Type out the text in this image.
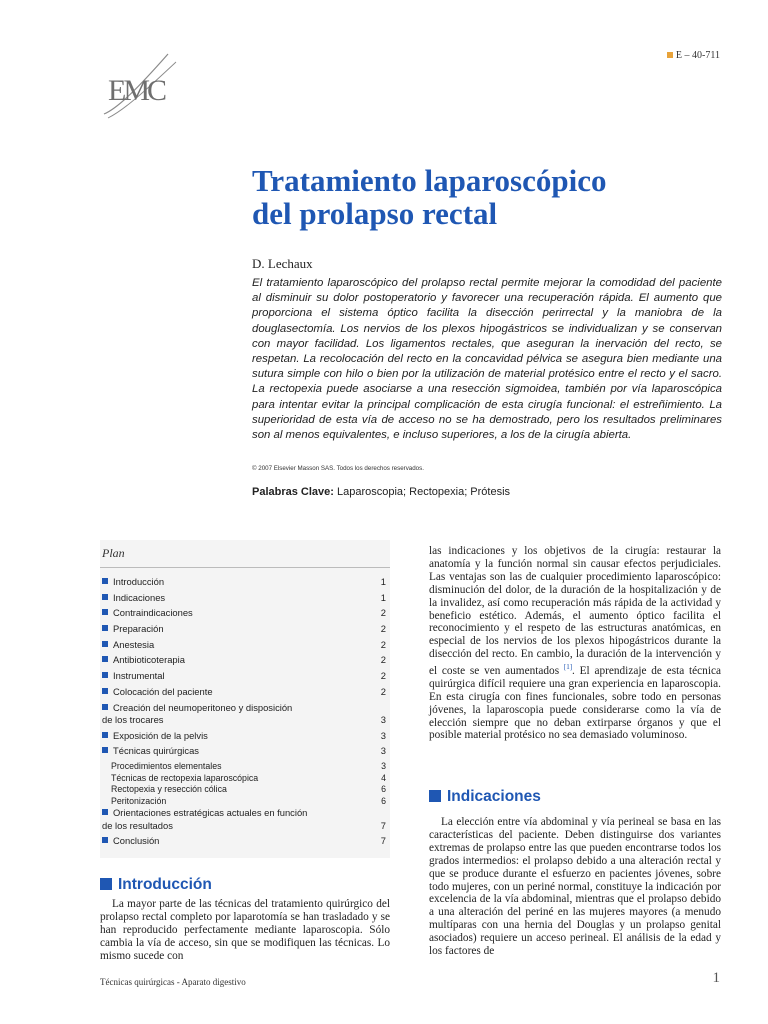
E – 40-711
EMC
Tratamiento laparoscópico
del prolapso rectal
D. Lechaux

El tratamiento laparoscópico del prolapso rectal permite mejorar la comodidad del paciente al disminuir su dolor postoperatorio y favorecer una recuperación rápida. El aumento que proporciona el sistema óptico facilita la disección perirrectal y la maniobra de la douglasectomía. Los nervios de los plexos hipogástricos se individualizan y se conservan con mayor facilidad. Los ligamentos rectales, que aseguran la inervación del recto, se respetan. La recolocación del recto en la concavidad pélvica se asegura bien mediante una sutura simple con hilo o bien por la utilización de material protésico entre el recto y el sacro. La rectopexia puede asociarse a una resección sigmoidea, también por vía laparoscópica para intentar evitar la principal complicación de esta cirugía funcional: el estreñimiento. La superioridad de esta vía de acceso no se ha demostrado, pero los resultados preliminares son al menos equivalentes, e incluso superiores, a los de la cirugía abierta.

© 2007 Elsevier Masson SAS. Todos los derechos reservados.
Palabras Clave: Laparoscopia; Rectopexia; Prótesis
Plan
Introducción	1
Indicaciones	1
Contraindicaciones	2
Preparación	2
Anestesia	2
Antibioticoterapia	2
Instrumental	2
Colocación del paciente	2
Creación del neumoperitoneo y disposición
de los trocares	3
Exposición de la pelvis	3
Técnicas quirúrgicas	3
Procedimientos elementales	3
Técnicas de rectopexia laparoscópica	4
Rectopexia y resección cólica	6
Peritonización	6
Orientaciones estratégicas actuales en función
de los resultados	7
Conclusión	7
Introducción

La mayor parte de las técnicas del tratamiento quirúrgico del prolapso rectal completo por laparotomía se han trasladado y se han reproducido perfectamente mediante laparoscopia. Sólo cambia la vía de acceso, sin que se modifiquen las técnicas. Lo mismo sucede con

las indicaciones y los objetivos de la cirugía: restaurar la anatomía y la función normal sin causar efectos perjudiciales. Las ventajas son las de cualquier procedimiento laparoscópico: disminución del dolor, de la duración de la hospitalización y de la invalidez, así como recuperación más rápida de la actividad y beneficio estético. Además, el aumento óptico facilita el reconocimiento y el respeto de las estructuras anatómicas, en especial de los nervios de los plexos hipogástricos durante la disección del recto. En cambio, la duración de la intervención y el coste se ven aumentados [1]. El aprendizaje de esta técnica quirúrgica difícil requiere una gran experiencia en laparoscopia. En esta cirugía con fines funcionales, sobre todo en personas jóvenes, la laparoscopia puede considerarse como la vía de elección siempre que no deban extirparse órganos y que el posible material protésico no sea demasiado voluminoso.

Indicaciones

La elección entre vía abdominal y vía perineal se basa en las características del paciente. Deben distinguirse dos variantes extremas de prolapso entre las que pueden encontrarse todos los grados intermedios: el prolapso debido a una alteración rectal y que se produce durante el esfuerzo en pacientes jóvenes, sobre todo mujeres, con un periné normal, constituye la indicación por excelencia de la vía abdominal, mientras que el prolapso debido a una alteración del periné en las mujeres mayores (a menudo multíparas con una hernia del Douglas y un prolapso genital asociados) requiere un acceso perineal. El análisis de la edad y los factores de

Técnicas quirúrgicas - Aparato digestivo	1
